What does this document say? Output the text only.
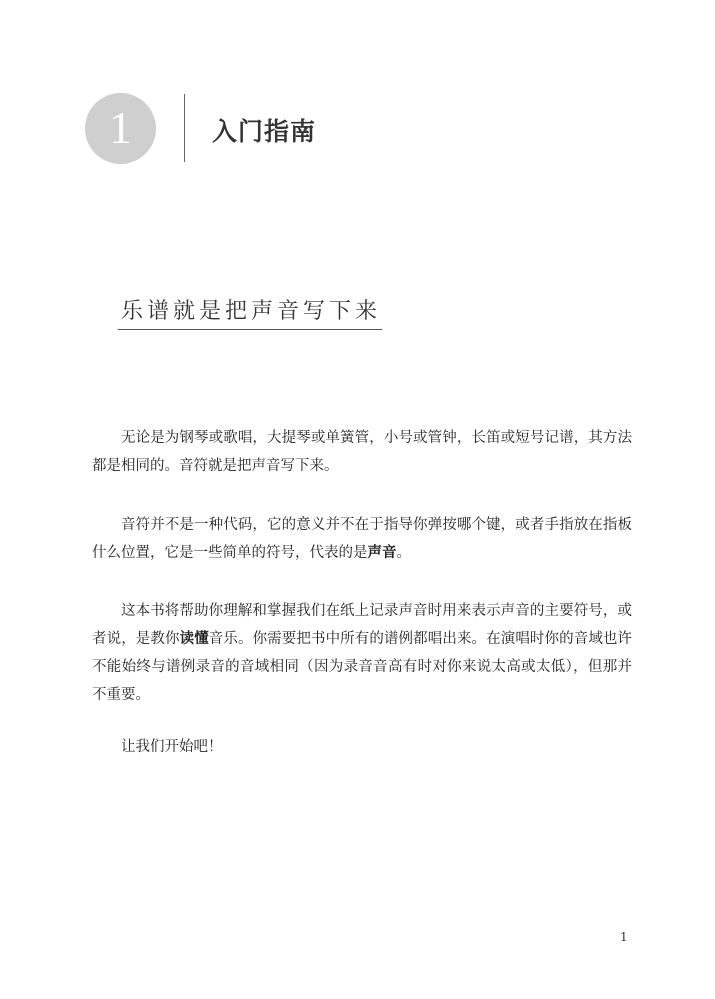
1	入门指南
乐谱就是把声音写下来

无论是为钢琴或歌唱，大提琴或单簧管，小号或管钟，长笛或短号记谱，其方法都是相同的。音符就是把声音写下来。

音符并不是一种代码，它的意义并不在于指导你弹按哪个键，或者手指放在指板什么位置，它是一些简单的符号，代表的是声音。

这本书将帮助你理解和掌握我们在纸上记录声音时用来表示声音的主要符号，或者说，是教你读懂音乐。你需要把书中所有的谱例都唱出来。在演唱时你的音域也许不能始终与谱例录音的音域相同（因为录音音高有时对你来说太高或太低），但那并不重要。

让我们开始吧！

1
